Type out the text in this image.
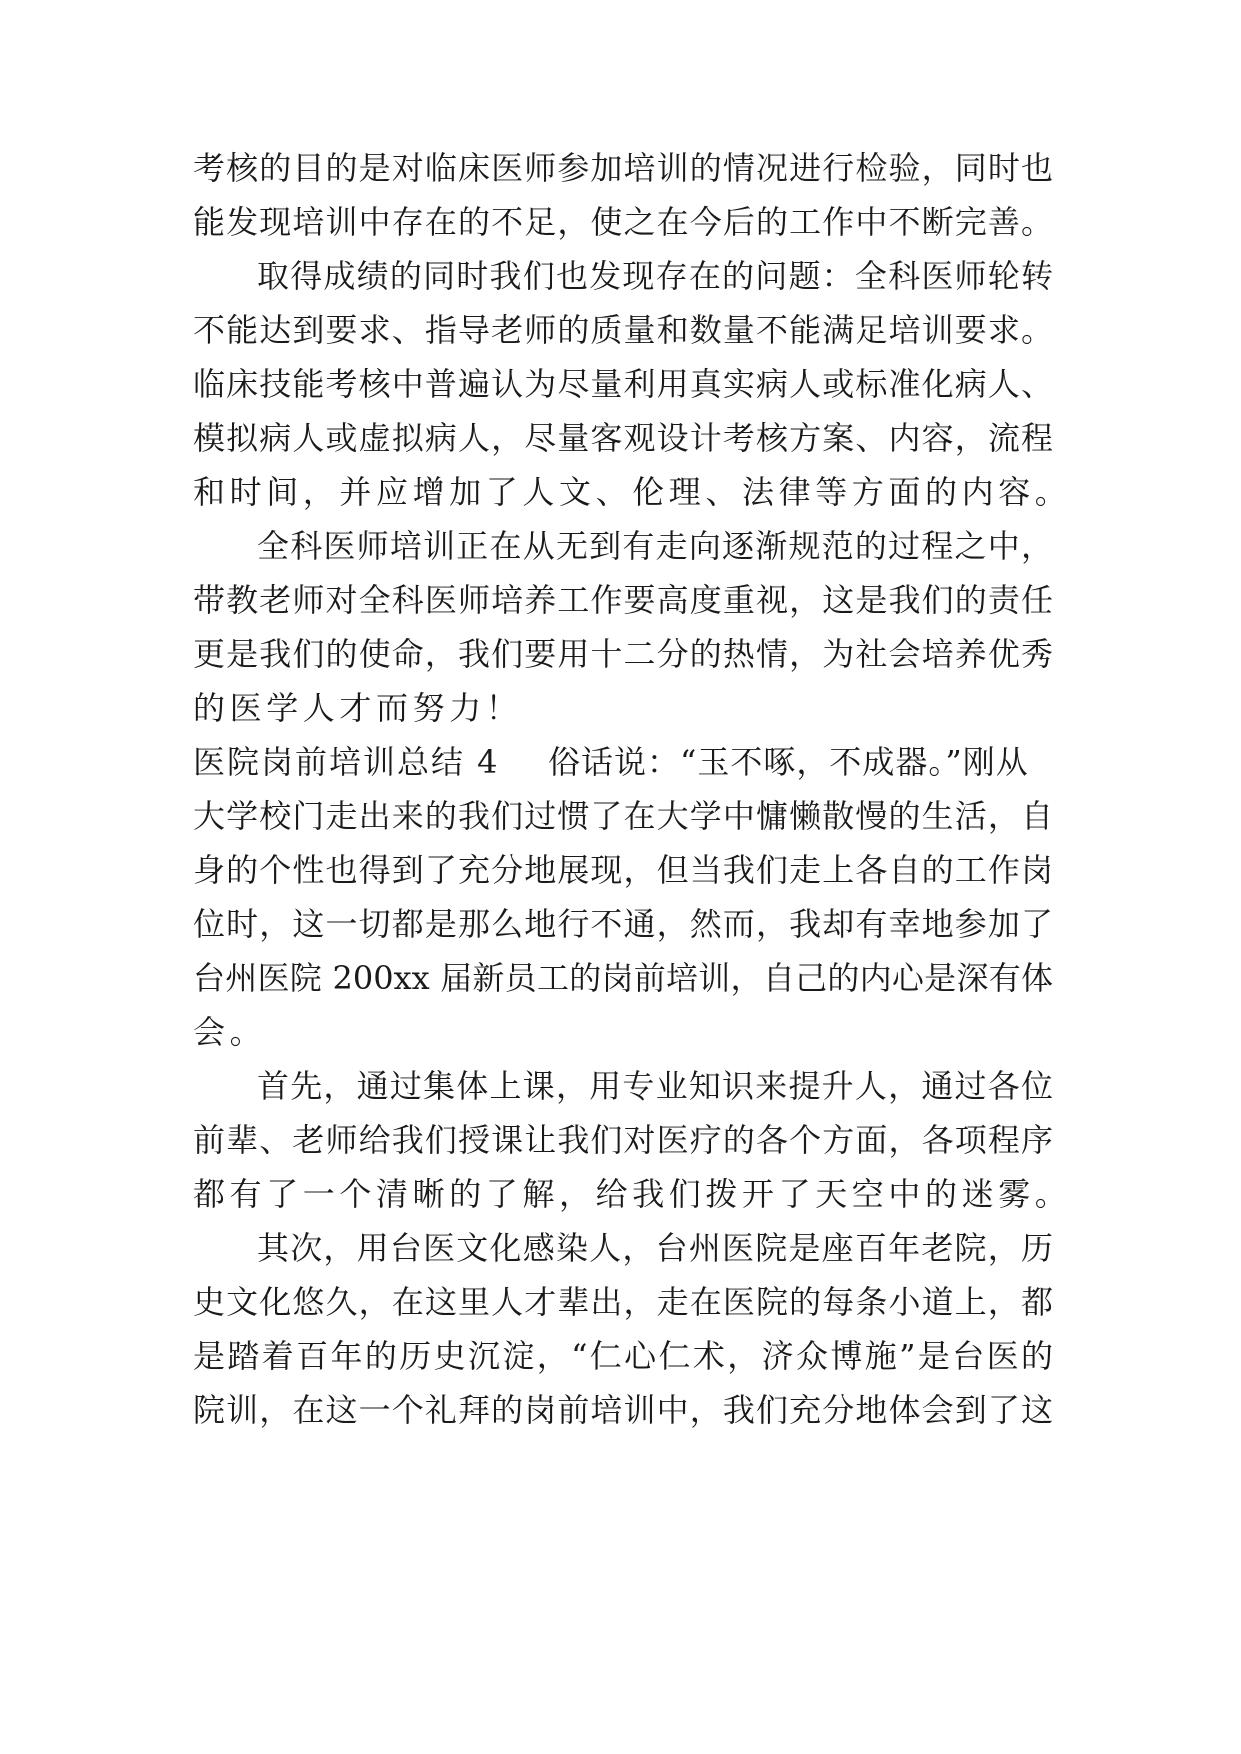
考核的目的是对临床医师参加培训的情况进行检验，同时也

能发现培训中存在的不足，使之在今后的工作中不断完善。

取得成绩的同时我们也发现存在的问题：全科医师轮转

不能达到要求、指导老师的质量和数量不能满足培训要求。

临床技能考核中普遍认为尽量利用真实病人或标准化病人、

模拟病人或虚拟病人，尽量客观设计考核方案、内容，流程

和时间，并应增加了人文、伦理、法律等方面的内容。

全科医师培训正在从无到有走向逐渐规范的过程之中，

带教老师对全科医师培养工作要高度重视，这是我们的责任

更是我们的使命，我们要用十二分的热情，为社会培养优秀

的医学人才而努力！

医院岗前培训总结 4 俗话说：“玉不啄，不成器。”刚从

大学校门走出来的我们过惯了在大学中慵懒散慢的生活，自

身的个性也得到了充分地展现，但当我们走上各自的工作岗

位时，这一切都是那么地行不通，然而，我却有幸地参加了

台州医院 200xx 届新员工的岗前培训，自己的内心是深有体

会。

首先，通过集体上课，用专业知识来提升人，通过各位

前辈、老师给我们授课让我们对医疗的各个方面，各项程序

都有了一个清晰的了解，给我们拨开了天空中的迷雾。

其次，用台医文化感染人，台州医院是座百年老院，历

史文化悠久，在这里人才辈出，走在医院的每条小道上，都

是踏着百年的历史沉淀，“仁心仁术，济众博施”是台医的

院训，在这一个礼拜的岗前培训中，我们充分地体会到了这
